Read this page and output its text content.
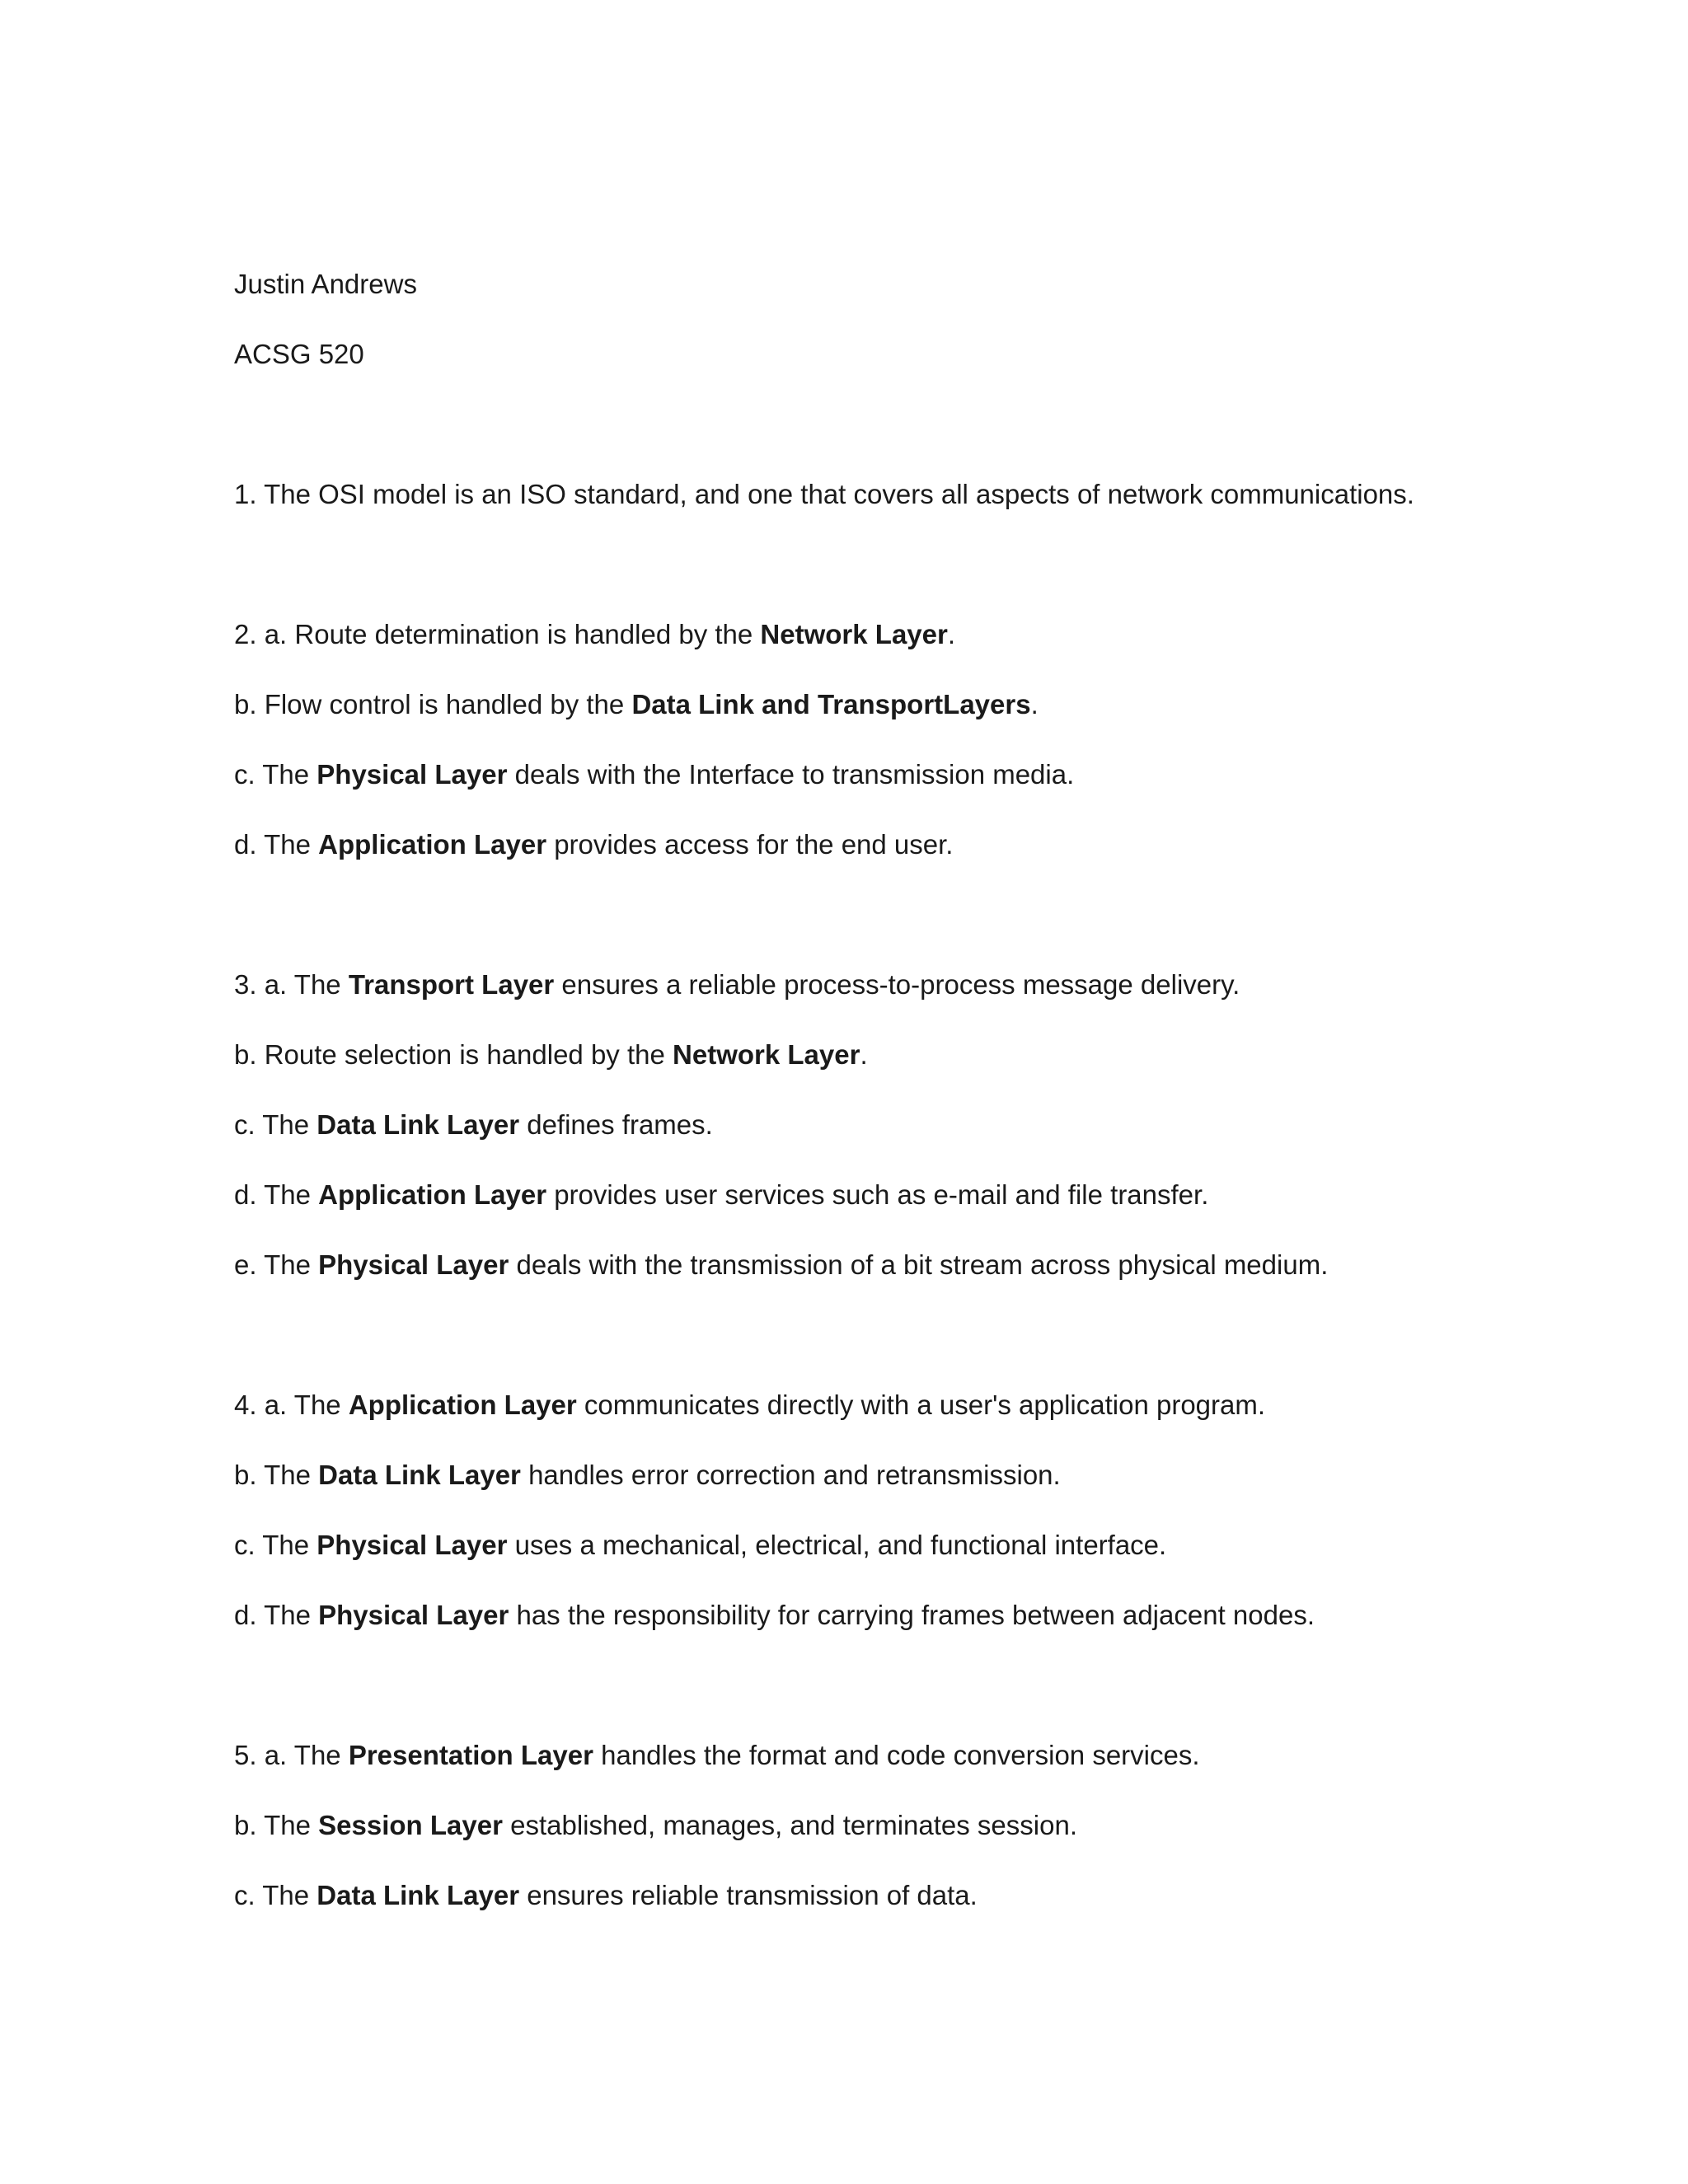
Justin Andrews
ACSG 520
1. The OSI model is an ISO standard, and one that covers all aspects of network communications.
2. a. Route determination is handled by the Network Layer.
b. Flow control is handled by the Data Link and TransportLayers.
c. The Physical Layer deals with the Interface to transmission media.
d. The Application Layer provides access for the end user.
3. a. The Transport Layer ensures a reliable process-to-process message delivery.
b. Route selection is handled by the Network Layer.
c. The Data Link Layer defines frames.
d. The Application Layer provides user services such as e-mail and file transfer.
e. The Physical Layer deals with the transmission of a bit stream across physical medium.
4. a. The Application Layer communicates directly with a user's application program.
b. The Data Link Layer handles error correction and retransmission.
c. The Physical Layer uses a mechanical, electrical, and functional interface.
d. The Physical Layer has the responsibility for carrying frames between adjacent nodes.
5. a. The Presentation Layer handles the format and code conversion services.
b. The Session Layer established, manages, and terminates session.
c. The Data Link Layer ensures reliable transmission of data.
